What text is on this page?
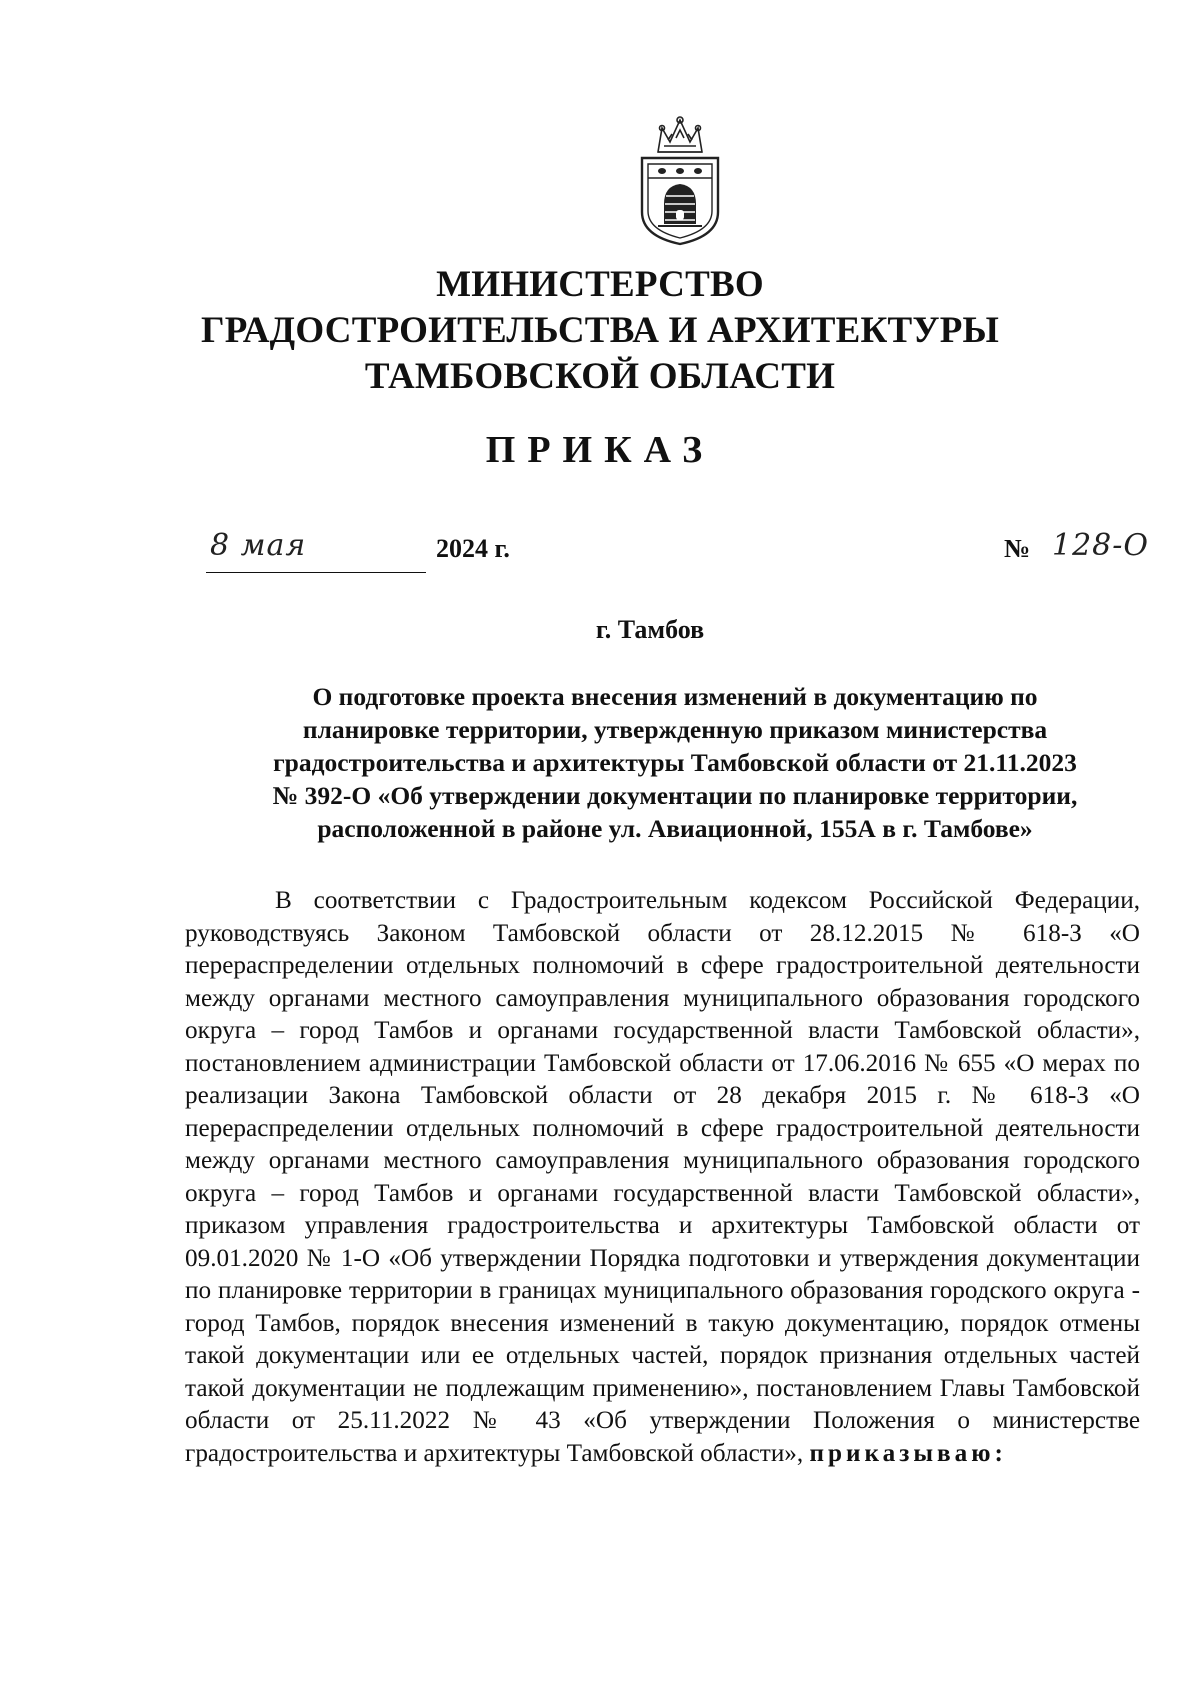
МИНИСТЕРСТВО
ГРАДОСТРОИТЕЛЬСТВА И АРХИТЕКТУРЫ
ТАМБОВСКОЙ ОБЛАСТИ
ПРИКАЗ
8 мая	2024 г.	№ 128-О
г. Тамбов
О подготовке проекта внесения изменений в документацию по
планировке территории, утвержденную приказом министерства
градостроительства и архитектуры Тамбовской области от 21.11.2023
№ 392-О «Об утверждении документации по планировке территории,
расположенной в районе ул. Авиационной, 155А в г. Тамбове»
В соответствии с Градостроительным кодексом Российской Федерации, руководствуясь Законом Тамбовской области от 28.12.2015 № 618-З «О перераспределении отдельных полномочий в сфере градостроительной деятельности между органами местного самоуправления муниципального образования городского округа – город Тамбов и органами государственной власти Тамбовской области», постановлением администрации Тамбовской области от 17.06.2016 № 655 «О мерах по реализации Закона Тамбовской области от 28 декабря 2015 г. № 618-З «О перераспределении отдельных полномочий в сфере градостроительной деятельности между органами местного самоуправления муниципального образования городского округа – город Тамбов и органами государственной власти Тамбовской области», приказом управления градостроительства и архитектуры Тамбовской области от 09.01.2020 № 1-О «Об утверждении Порядка подготовки и утверждения документации по планировке территории в границах муниципального образования городского округа - город Тамбов, порядок внесения изменений в такую документацию, порядок отмены такой документации или ее отдельных частей, порядок признания отдельных частей такой документации не подлежащим применению», постановлением Главы Тамбовской области от 25.11.2022 № 43 «Об утверждении Положения о министерстве градостроительства и архитектуры Тамбовской области», приказываю:
